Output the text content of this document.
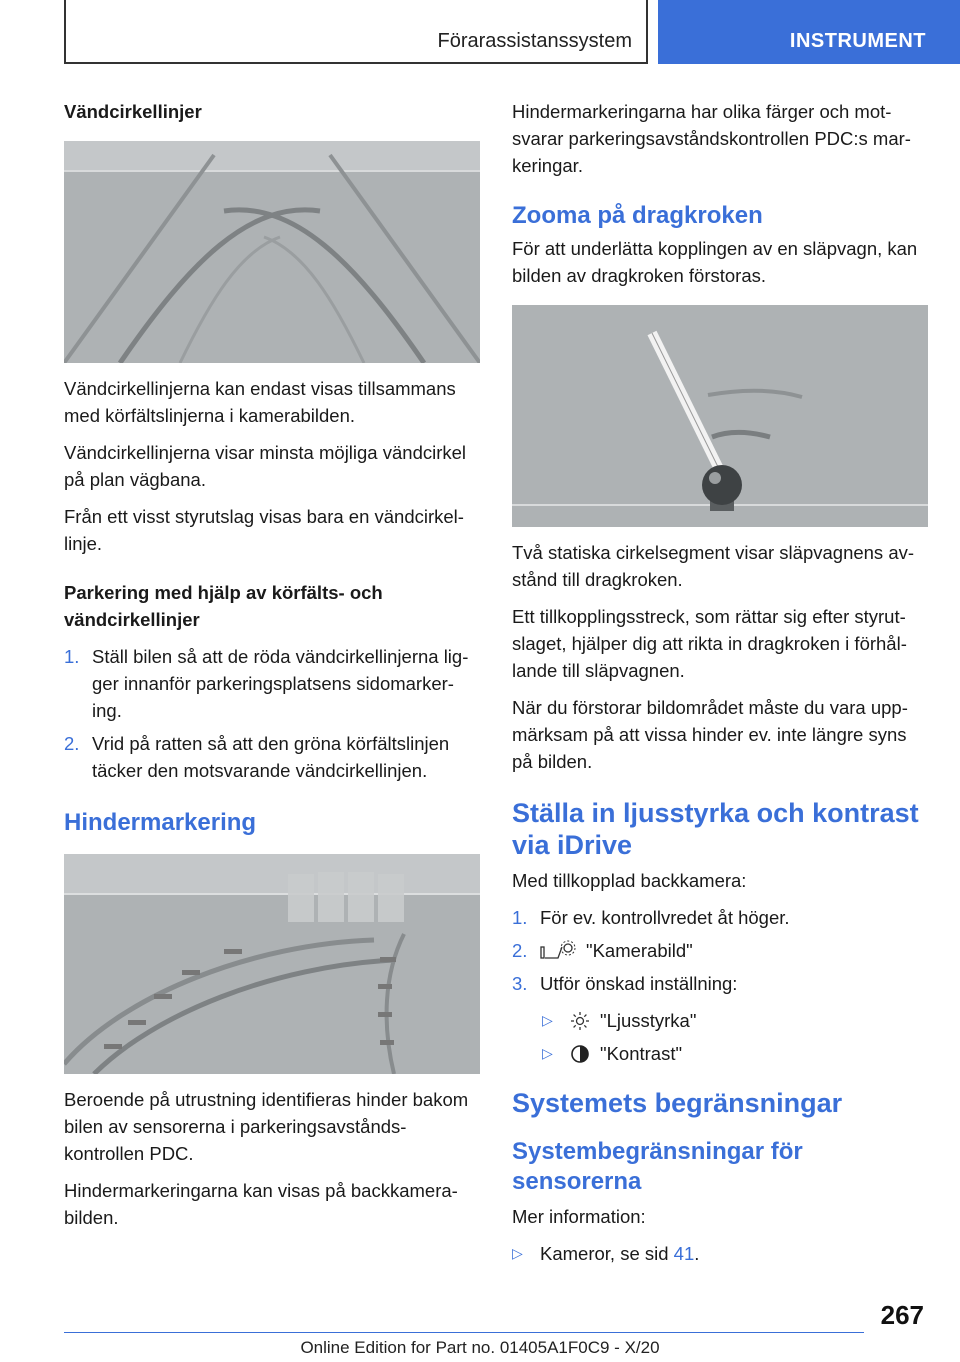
Förarassistanssystem	INSTRUMENT
Vändcirkellinjer

Vändcirkellinjerna kan endast visas tillsammans med körfältslinjerna i kamerabilden.

Vändcirkellinjerna visar minsta möjliga vändcirkel på plan vägbana.

Från ett visst styrutslag visas bara en vändcirkel-linje.

Parkering med hjälp av körfälts- och vändcirkellinjer
1. Ställ bilen så att de röda vändcirkellinjerna lig-ger innanför parkeringsplatsens sidomarker-ing.
2. Vrid på ratten så att den gröna körfältslinjen täcker den motsvarande vändcirkellinjen.
Hindermarkering

Beroende på utrustning identifieras hinder bakom bilen av sensorerna i parkeringsavstånds-kontrollen PDC.

Hindermarkeringarna kan visas på backkamera-bilden.

Hindermarkeringarna har olika färger och mot-svarar parkeringsavståndskontrollen PDC:s mar-keringar.

Zooma på dragkroken

För att underlätta kopplingen av en släpvagn, kan bilden av dragkroken förstoras.

Två statiska cirkelsegment visar släpvagnens av-stånd till dragkroken.

Ett tillkopplingsstreck, som rättar sig efter styrut-slaget, hjälper dig att rikta in dragkroken i förhål-lande till släpvagnen.

När du förstorar bildområdet måste du vara upp-märksam på att vissa hinder ev. inte längre syns på bilden.

Ställa in ljusstyrka och kontrast via iDrive

Med tillkopplad backkamera:

1. För ev. kontrollvredet åt höger.
2.	"Kamerabild"
3. Utför önskad inställning:
▷	"Ljusstyrka"
▷	"Kontrast"
Systemets begränsningar
Systembegränsningar för sensorerna

Mer information:

▷ Kameror, se sid 41.
267
Online Edition for Part no. 01405A1F0C9 - X/20
